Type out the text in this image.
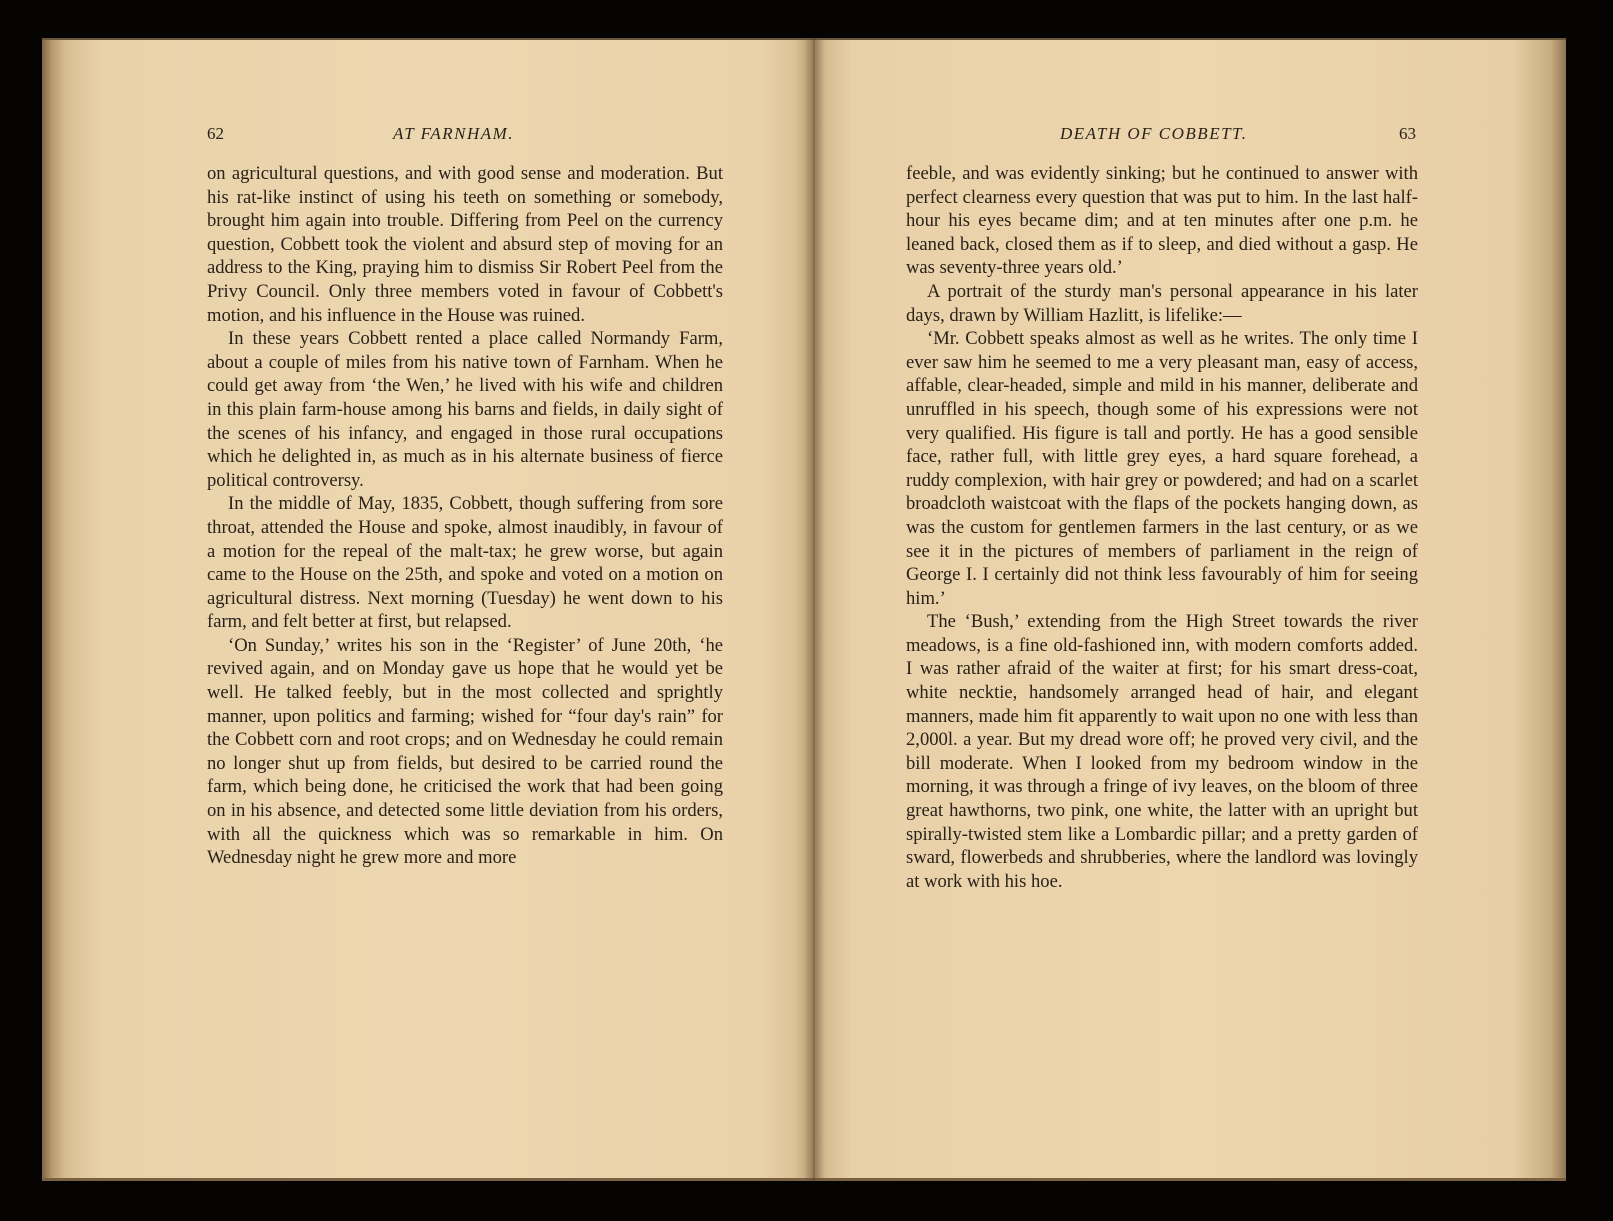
62	AT FARNHAM.

on agricultural questions, and with good sense and moderation. But his rat-like instinct of using his teeth on something or somebody, brought him again into trouble. Differing from Peel on the currency question, Cobbett took the violent and absurd step of moving for an address to the King, praying him to dismiss Sir Robert Peel from the Privy Council. Only three members voted in favour of Cobbett's motion, and his influence in the House was ruined.

In these years Cobbett rented a place called Normandy Farm, about a couple of miles from his native town of Farnham. When he could get away from ‘the Wen,’ he lived with his wife and children in this plain farm-house among his barns and fields, in daily sight of the scenes of his infancy, and engaged in those rural occupations which he delighted in, as much as in his alternate business of fierce political controversy.

In the middle of May, 1835, Cobbett, though suffering from sore throat, attended the House and spoke, almost inaudibly, in favour of a motion for the repeal of the malt-tax; he grew worse, but again came to the House on the 25th, and spoke and voted on a motion on agricultural distress. Next morning (Tuesday) he went down to his farm, and felt better at first, but relapsed.

‘On Sunday,’ writes his son in the ‘Register’ of June 20th, ‘he revived again, and on Monday gave us hope that he would yet be well. He talked feebly, but in the most collected and sprightly manner, upon politics and farming; wished for “four day's rain” for the Cobbett corn and root crops; and on Wednesday he could remain no longer shut up from fields, but desired to be carried round the farm, which being done, he criticised the work that had been going on in his absence, and detected some little deviation from his orders, with all the quickness which was so remarkable in him. On Wednesday night he grew more and more

DEATH OF COBBETT.	63

feeble, and was evidently sinking; but he continued to answer with perfect clearness every question that was put to him. In the last half-hour his eyes became dim; and at ten minutes after one p.m. he leaned back, closed them as if to sleep, and died without a gasp. He was seventy-three years old.’

A portrait of the sturdy man's personal appearance in his later days, drawn by William Hazlitt, is lifelike:—

‘Mr. Cobbett speaks almost as well as he writes. The only time I ever saw him he seemed to me a very pleasant man, easy of access, affable, clear-headed, simple and mild in his manner, deliberate and unruffled in his speech, though some of his expressions were not very qualified. His figure is tall and portly. He has a good sensible face, rather full, with little grey eyes, a hard square forehead, a ruddy complexion, with hair grey or powdered; and had on a scarlet broadcloth waistcoat with the flaps of the pockets hanging down, as was the custom for gentlemen farmers in the last century, or as we see it in the pictures of members of parliament in the reign of George I. I certainly did not think less favourably of him for seeing him.’

The ‘Bush,’ extending from the High Street towards the river meadows, is a fine old-fashioned inn, with modern comforts added. I was rather afraid of the waiter at first; for his smart dress-coat, white necktie, handsomely arranged head of hair, and elegant manners, made him fit apparently to wait upon no one with less than 2,000l. a year. But my dread wore off; he proved very civil, and the bill moderate. When I looked from my bedroom window in the morning, it was through a fringe of ivy leaves, on the bloom of three great hawthorns, two pink, one white, the latter with an upright but spirally-twisted stem like a Lombardic pillar; and a pretty garden of sward, flowerbeds and shrubberies, where the landlord was lovingly at work with his hoe.
